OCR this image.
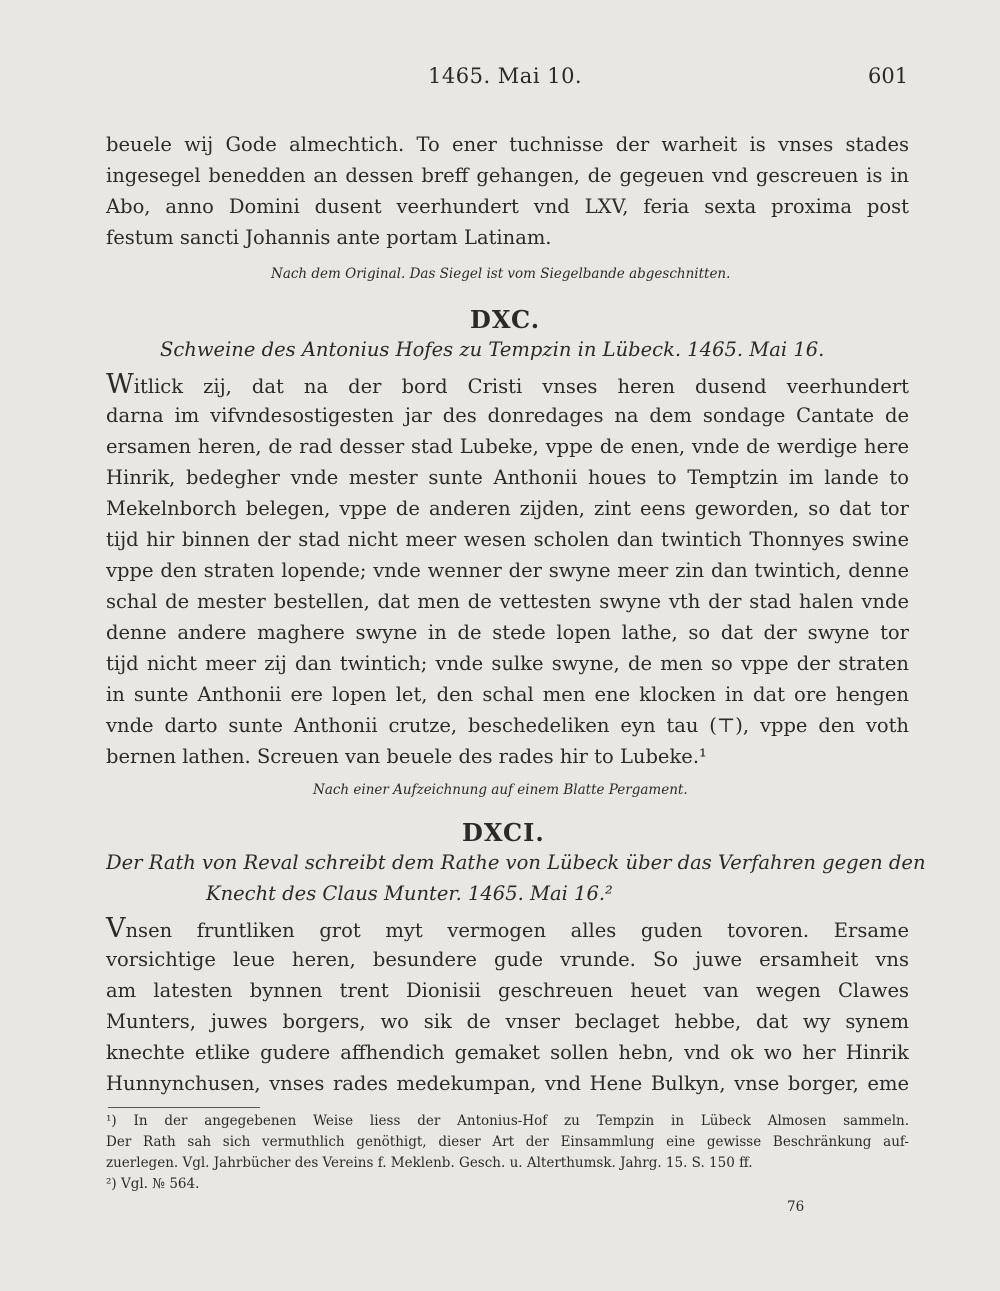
1465. Mai 10.	601
beuele wij Gode almechtich. To ener tuchnisse der warheit is vnses stades
ingesegel benedden an dessen breff gehangen, de gegeuen vnd gescreuen is in
Abo, anno Domini dusent veerhundert vnd LXV, feria sexta proxima post
festum sancti Johannis ante portam Latinam.
Nach dem Original. Das Siegel ist vom Siegelbande abgeschnitten.
DXC.
Schweine des Antonius Hofes zu Tempzin in Lübeck. 1465. Mai 16.
Witlick zij, dat na der bord Cristi vnses heren dusend veerhundert
darna im vifvndesostigesten jar des donredages na dem sondage Cantate de
ersamen heren, de rad desser stad Lubeke, vppe de enen, vnde de werdige here
Hinrik, bedegher vnde mester sunte Anthonii houes to Temptzin im lande to
Mekelnborch belegen, vppe de anderen zijden, zint eens geworden, so dat tor
tijd hir binnen der stad nicht meer wesen scholen dan twintich Thonnyes swine
vppe den straten lopende; vnde wenner der swyne meer zin dan twintich, denne
schal de mester bestellen, dat men de vettesten swyne vth der stad halen vnde
denne andere maghere swyne in de stede lopen lathe, so dat der swyne tor
tijd nicht meer zij dan twintich; vnde sulke swyne, de men so vppe der straten
in sunte Anthonii ere lopen let, den schal men ene klocken in dat ore hengen
vnde darto sunte Anthonii crutze, beschedeliken eyn tau (⊤), vppe den voth
bernen lathen. Screuen van beuele des rades hir to Lubeke.¹
Nach einer Aufzeichnung auf einem Blatte Pergament.
DXCI.
Der Rath von Reval schreibt dem Rathe von Lübeck über das Verfahren gegen den
Knecht des Claus Munter. 1465. Mai 16.²
Vnsen fruntliken grot myt vermogen alles guden tovoren. Ersame
vorsichtige leue heren, besundere gude vrunde. So juwe ersamheit vns
am latesten bynnen trent Dionisii geschreuen heuet van wegen Clawes
Munters, juwes borgers, wo sik de vnser beclaget hebbe, dat wy synem
knechte etlike gudere affhendich gemaket sollen hebn, vnd ok wo her Hinrik
Hunnynchusen, vnses rades medekumpan, vnd Hene Bulkyn, vnse borger, eme
¹) In der angegebenen Weise liess der Antonius-Hof zu Tempzin in Lübeck Almosen sammeln.
Der Rath sah sich vermuthlich genöthigt, dieser Art der Einsammlung eine gewisse Beschränkung auf-
zuerlegen. Vgl. Jahrbücher des Vereins f. Meklenb. Gesch. u. Alterthumsk. Jahrg. 15. S. 150 ff.
²) Vgl. № 564.
76
